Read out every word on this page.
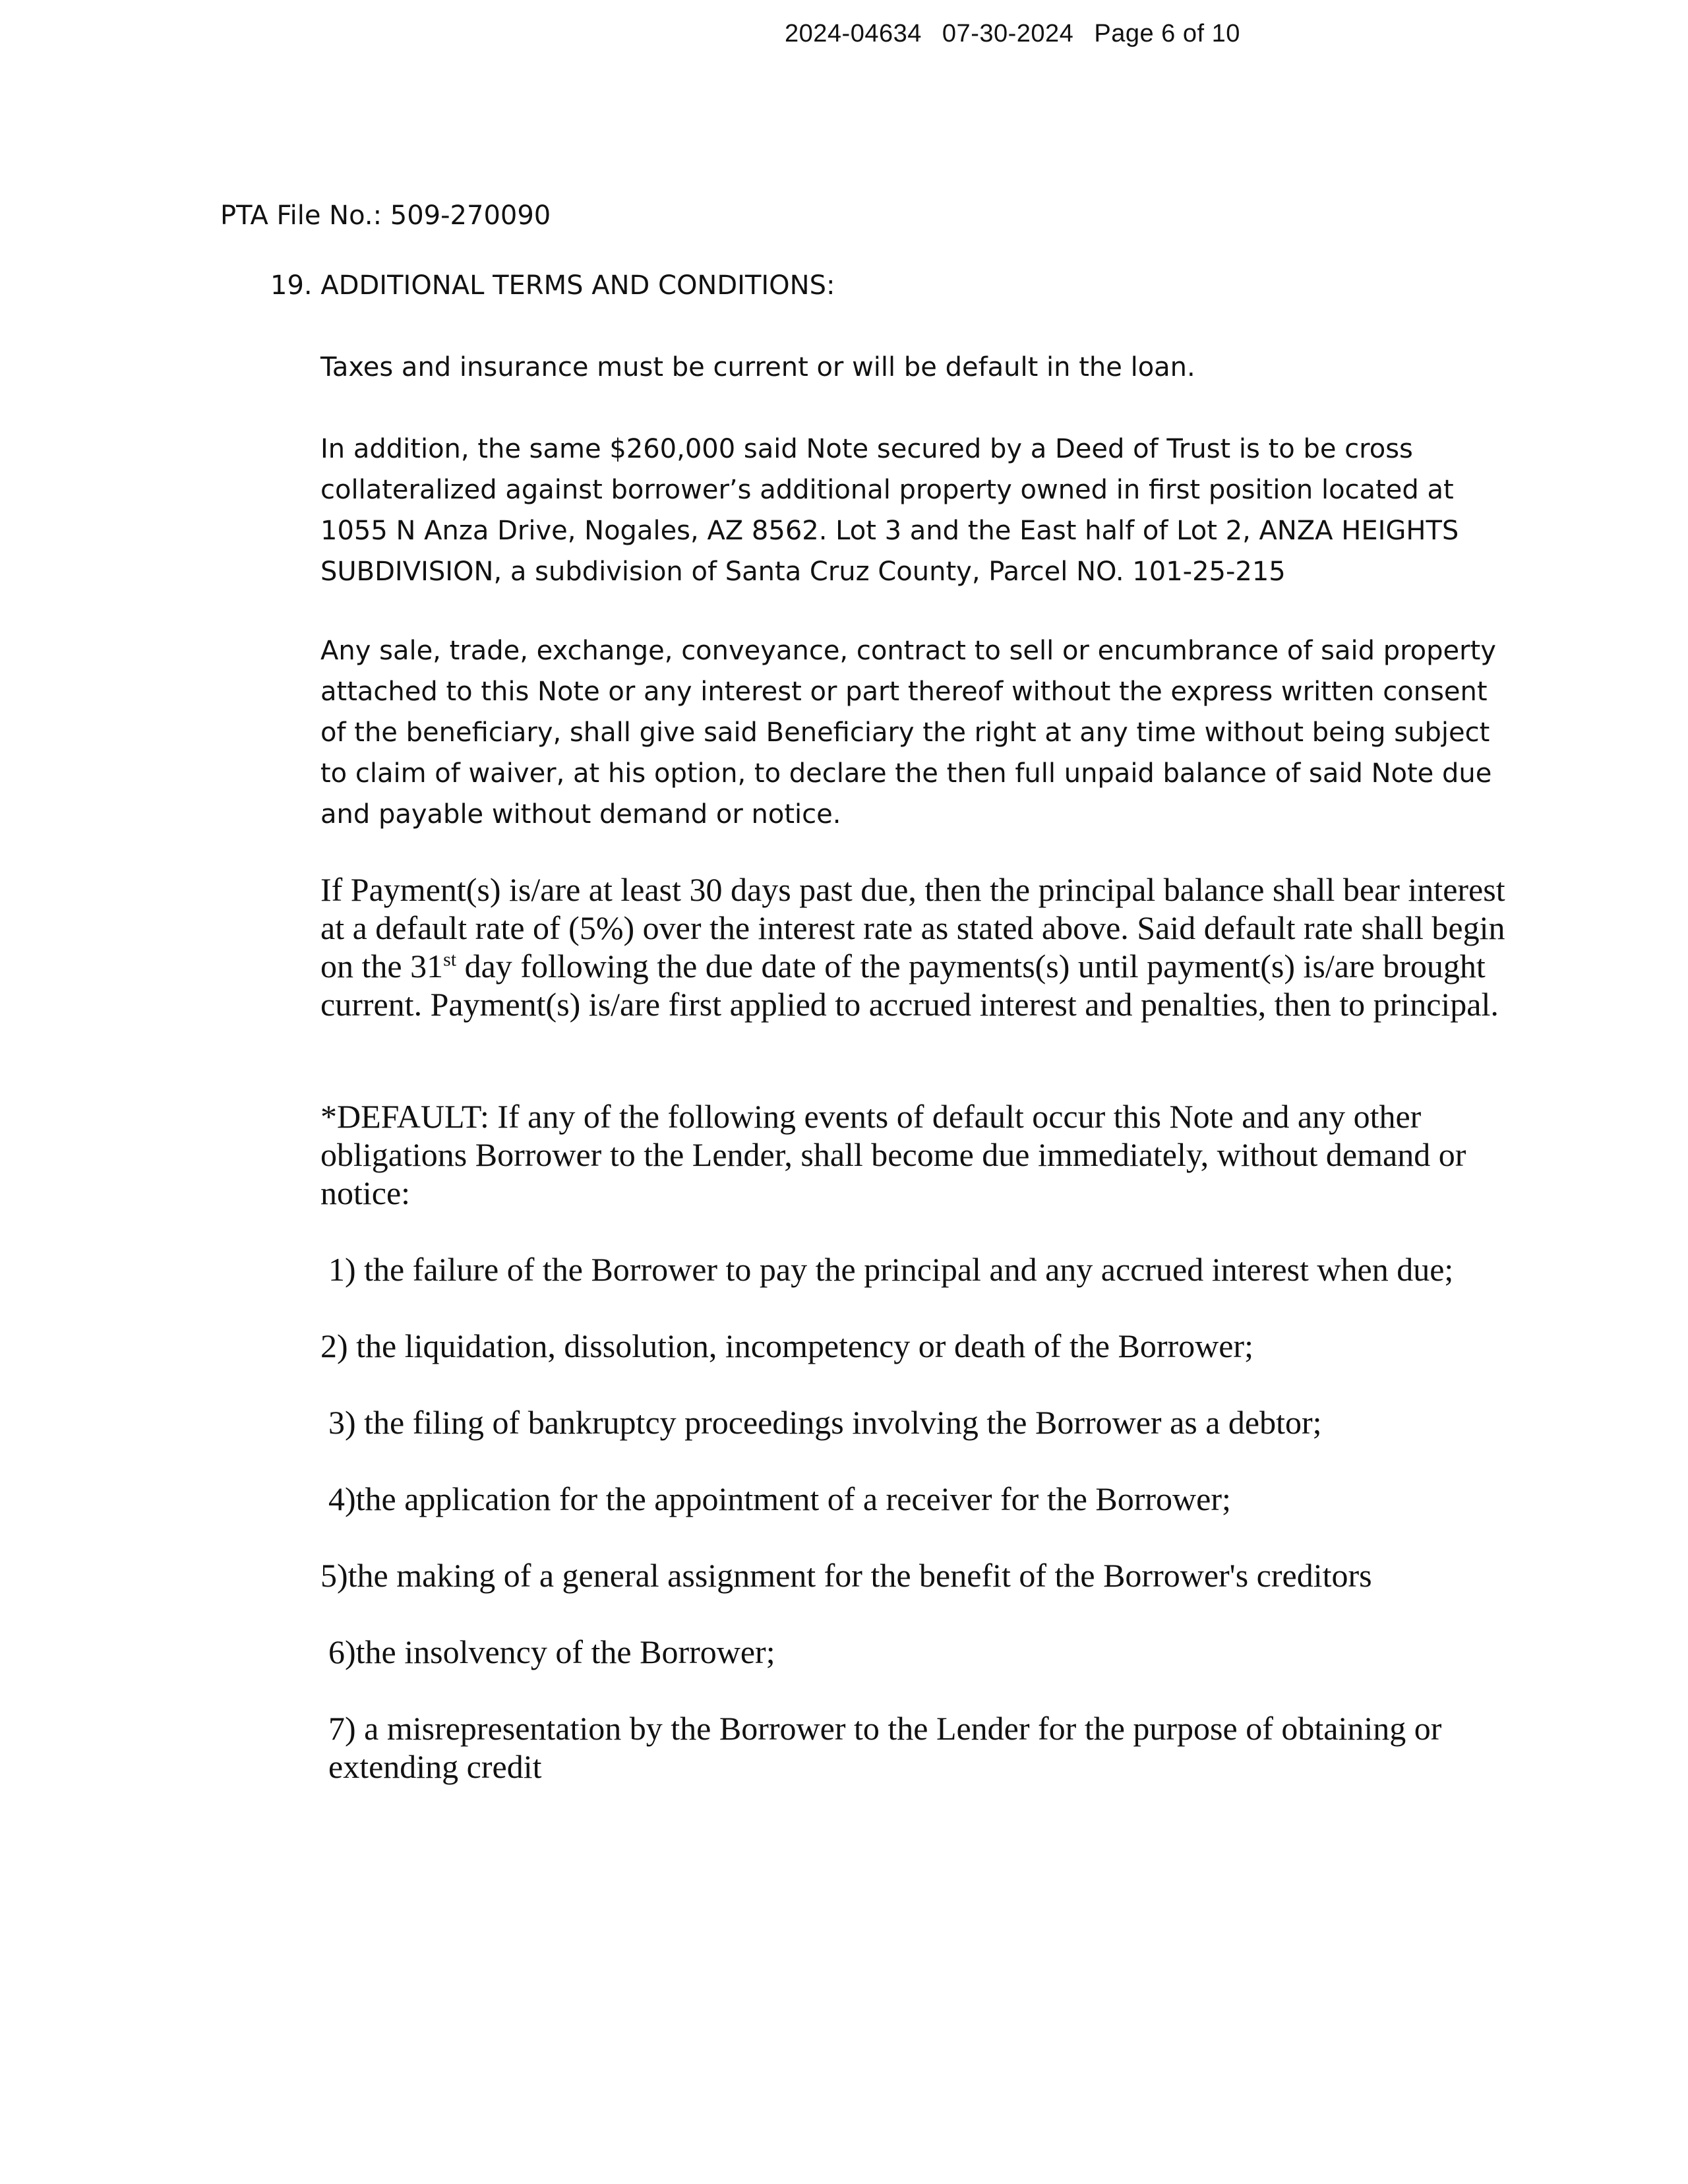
2024-04634 07-30-2024 Page 6 of 10
PTA File No.: 509-270090
19. ADDITIONAL TERMS AND CONDITIONS:

Taxes and insurance must be current or will be default in the loan.

In addition, the same $260,000 said Note secured by a Deed of Trust is to be cross collateralized against borrower’s additional property owned in first position located at 1055 N Anza Drive, Nogales, AZ 8562. Lot 3 and the East half of Lot 2, ANZA HEIGHTS SUBDIVISION, a subdivision of Santa Cruz County, Parcel NO. 101-25-215

Any sale, trade, exchange, conveyance, contract to sell or encumbrance of said property attached to this Note or any interest or part thereof without the express written consent of the beneficiary, shall give said Beneficiary the right at any time without being subject to claim of waiver, at his option, to declare the then full unpaid balance of said Note due and payable without demand or notice.

If Payment(s) is/are at least 30 days past due, then the principal balance shall bear interest at a default rate of (5%) over the interest rate as stated above. Said default rate shall begin on the 31st day following the due date of the payments(s) until payment(s) is/are brought current. Payment(s) is/are first applied to accrued interest and penalties, then to principal.

*DEFAULT: If any of the following events of default occur this Note and any other obligations Borrower to the Lender, shall become due immediately, without demand or notice:

1) the failure of the Borrower to pay the principal and any accrued interest when due;

2) the liquidation, dissolution, incompetency or death of the Borrower;

3) the filing of bankruptcy proceedings involving the Borrower as a debtor;

4)the application for the appointment of a receiver for the Borrower;

5)the making of a general assignment for the benefit of the Borrower's creditors

6)the insolvency of the Borrower;

7) a misrepresentation by the Borrower to the Lender for the purpose of obtaining or extending credit
